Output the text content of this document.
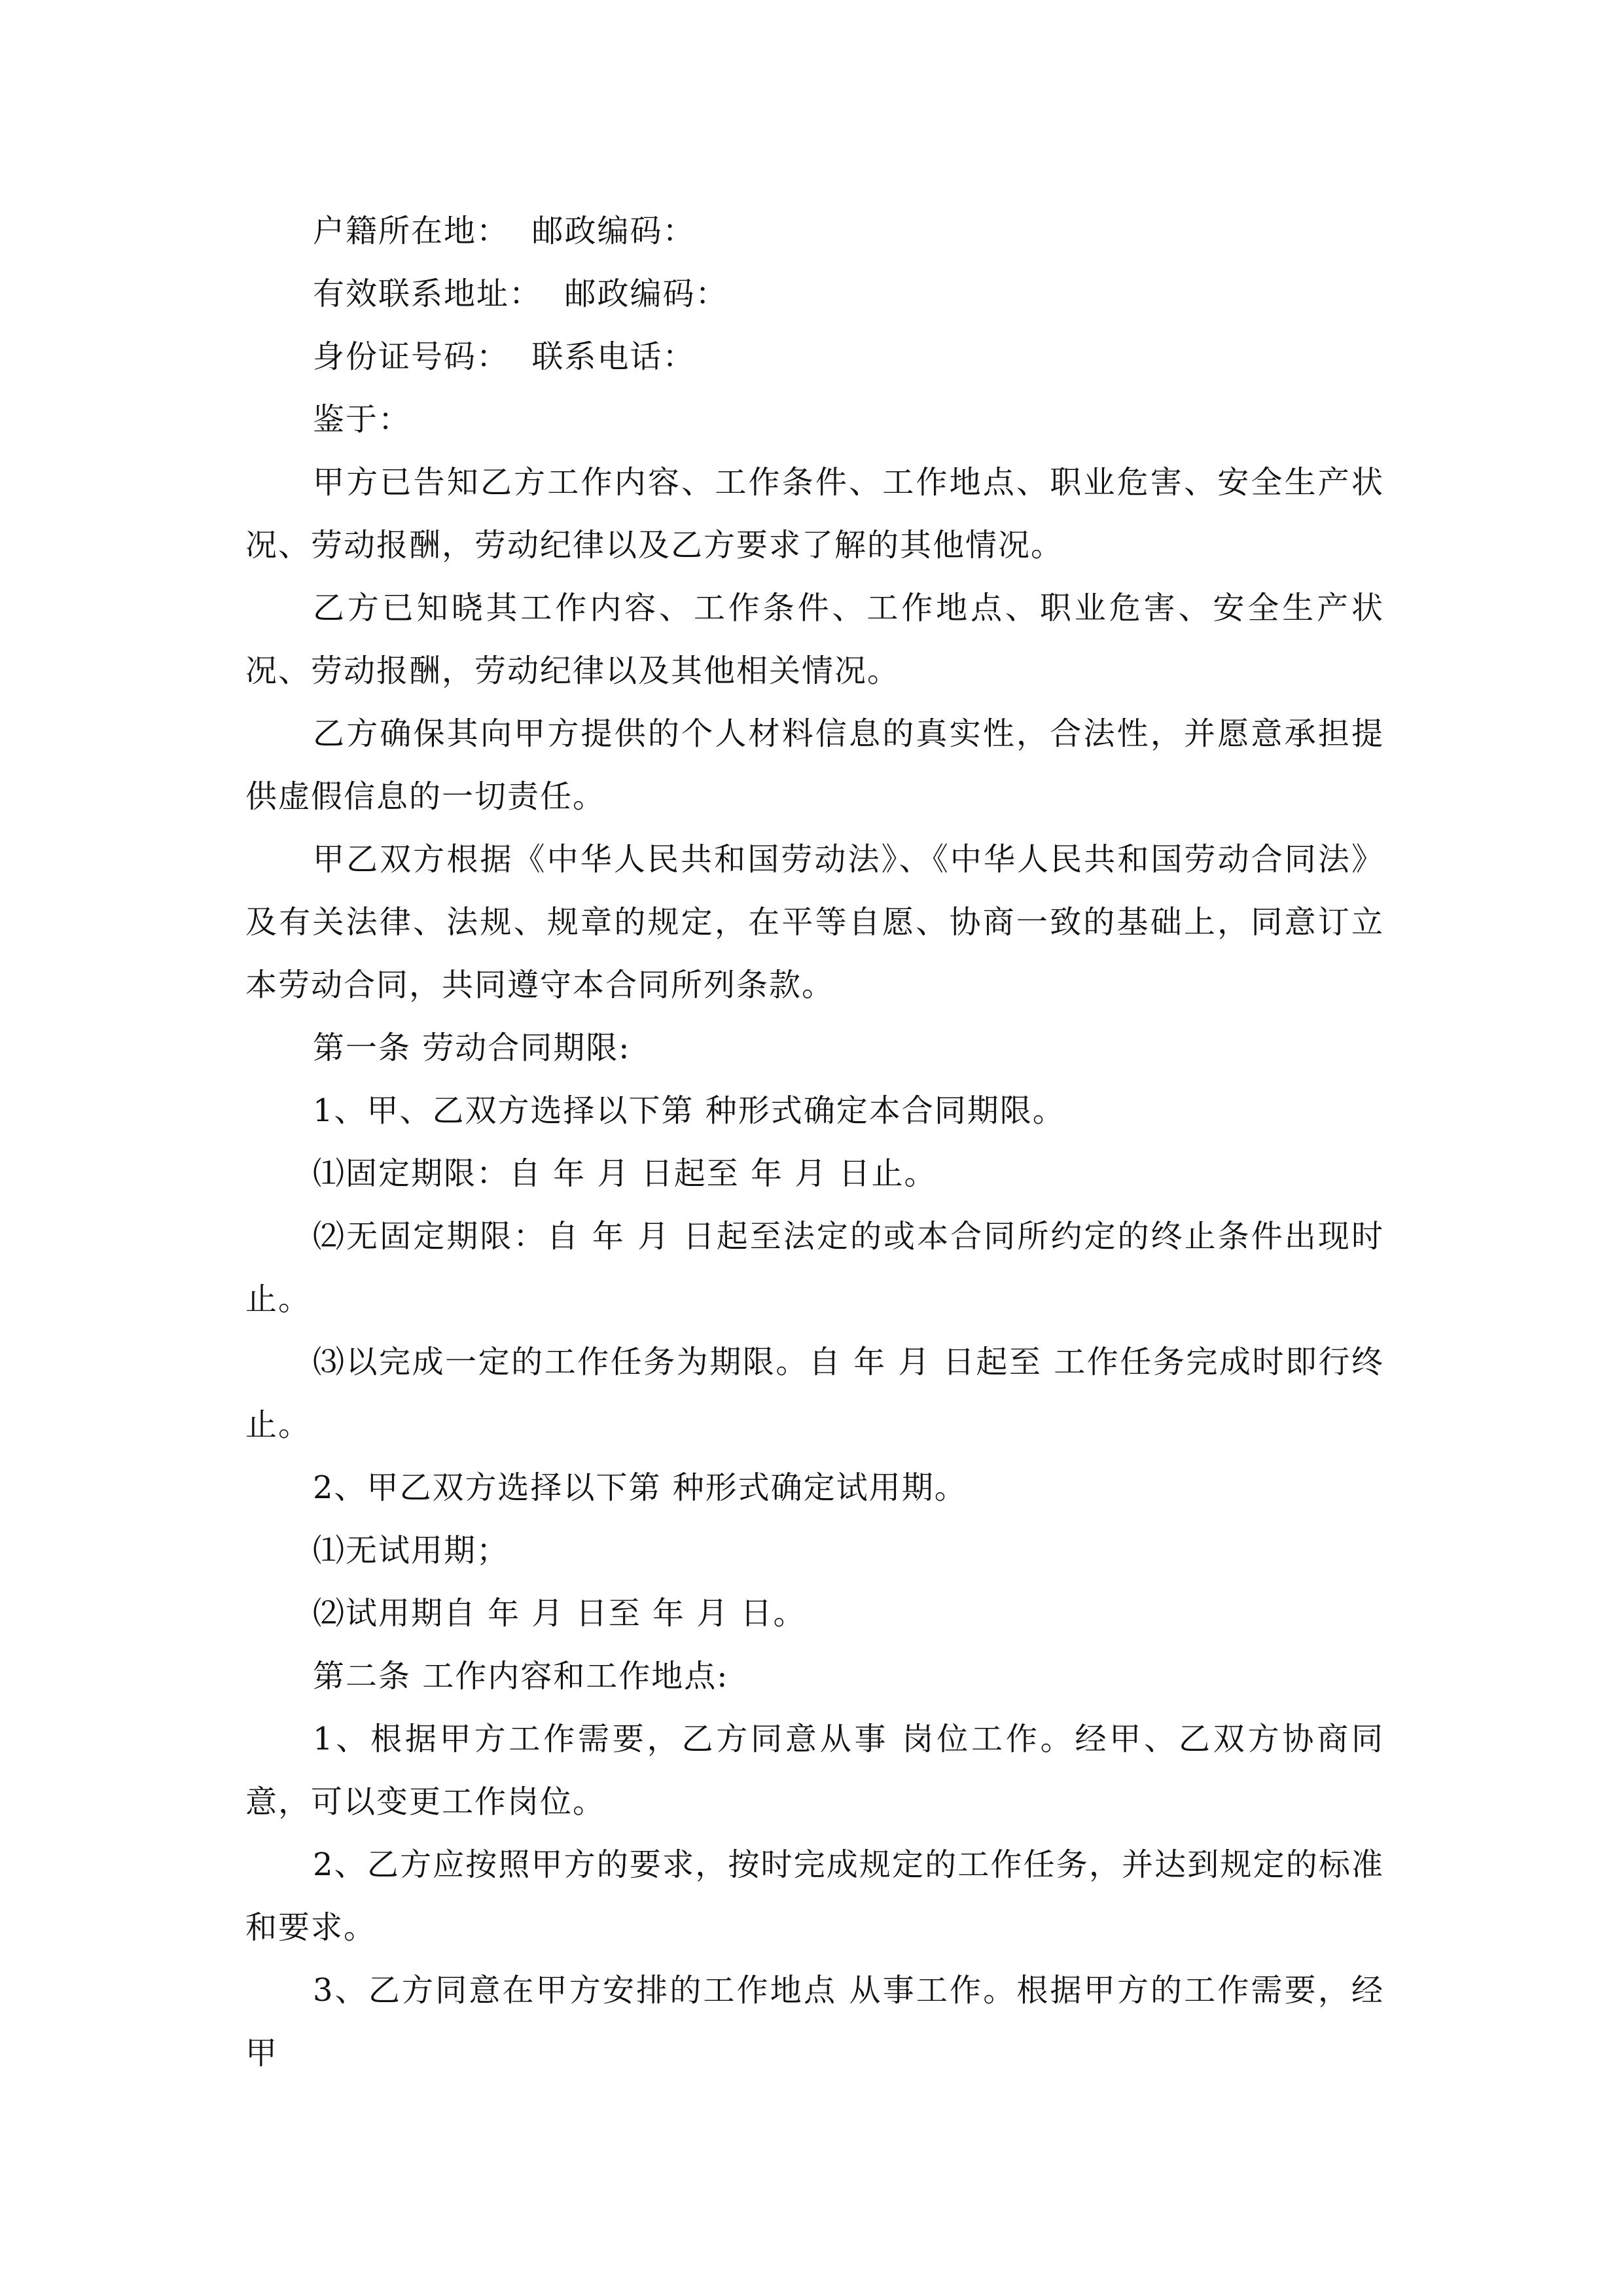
户籍所在地：  邮政编码：

有效联系地址：  邮政编码：

身份证号码：  联系电话：

鉴于：

甲方已告知乙方工作内容、工作条件、工作地点、职业危害、安全生产状况、劳动报酬，劳动纪律以及乙方要求了解的其他情况。

乙方已知晓其工作内容、工作条件、工作地点、职业危害、安全生产状况、劳动报酬，劳动纪律以及其他相关情况。

乙方确保其向甲方提供的个人材料信息的真实性，合法性，并愿意承担提供虚假信息的一切责任。

甲乙双方根据《中华人民共和国劳动法》、《中华人民共和国劳动合同法》及有关法律、法规、规章的规定，在平等自愿、协商一致的基础上，同意订立本劳动合同，共同遵守本合同所列条款。

第一条 劳动合同期限:

1、甲、乙双方选择以下第 种形式确定本合同期限。

⑴固定期限：自 年 月 日起至 年 月 日止。

⑵无固定期限：自 年 月 日起至法定的或本合同所约定的终止条件出现时止。

⑶以完成一定的工作任务为期限。自 年 月 日起至 工作任务完成时即行终止。

2、甲乙双方选择以下第 种形式确定试用期。

⑴无试用期；

⑵试用期自 年 月 日至 年 月 日。

第二条 工作内容和工作地点:

1、根据甲方工作需要，乙方同意从事 岗位工作。经甲、乙双方协商同意，可以变更工作岗位。

2、乙方应按照甲方的要求，按时完成规定的工作任务，并达到规定的标准和要求。

3、乙方同意在甲方安排的工作地点 从事工作。根据甲方的工作需要，经甲
